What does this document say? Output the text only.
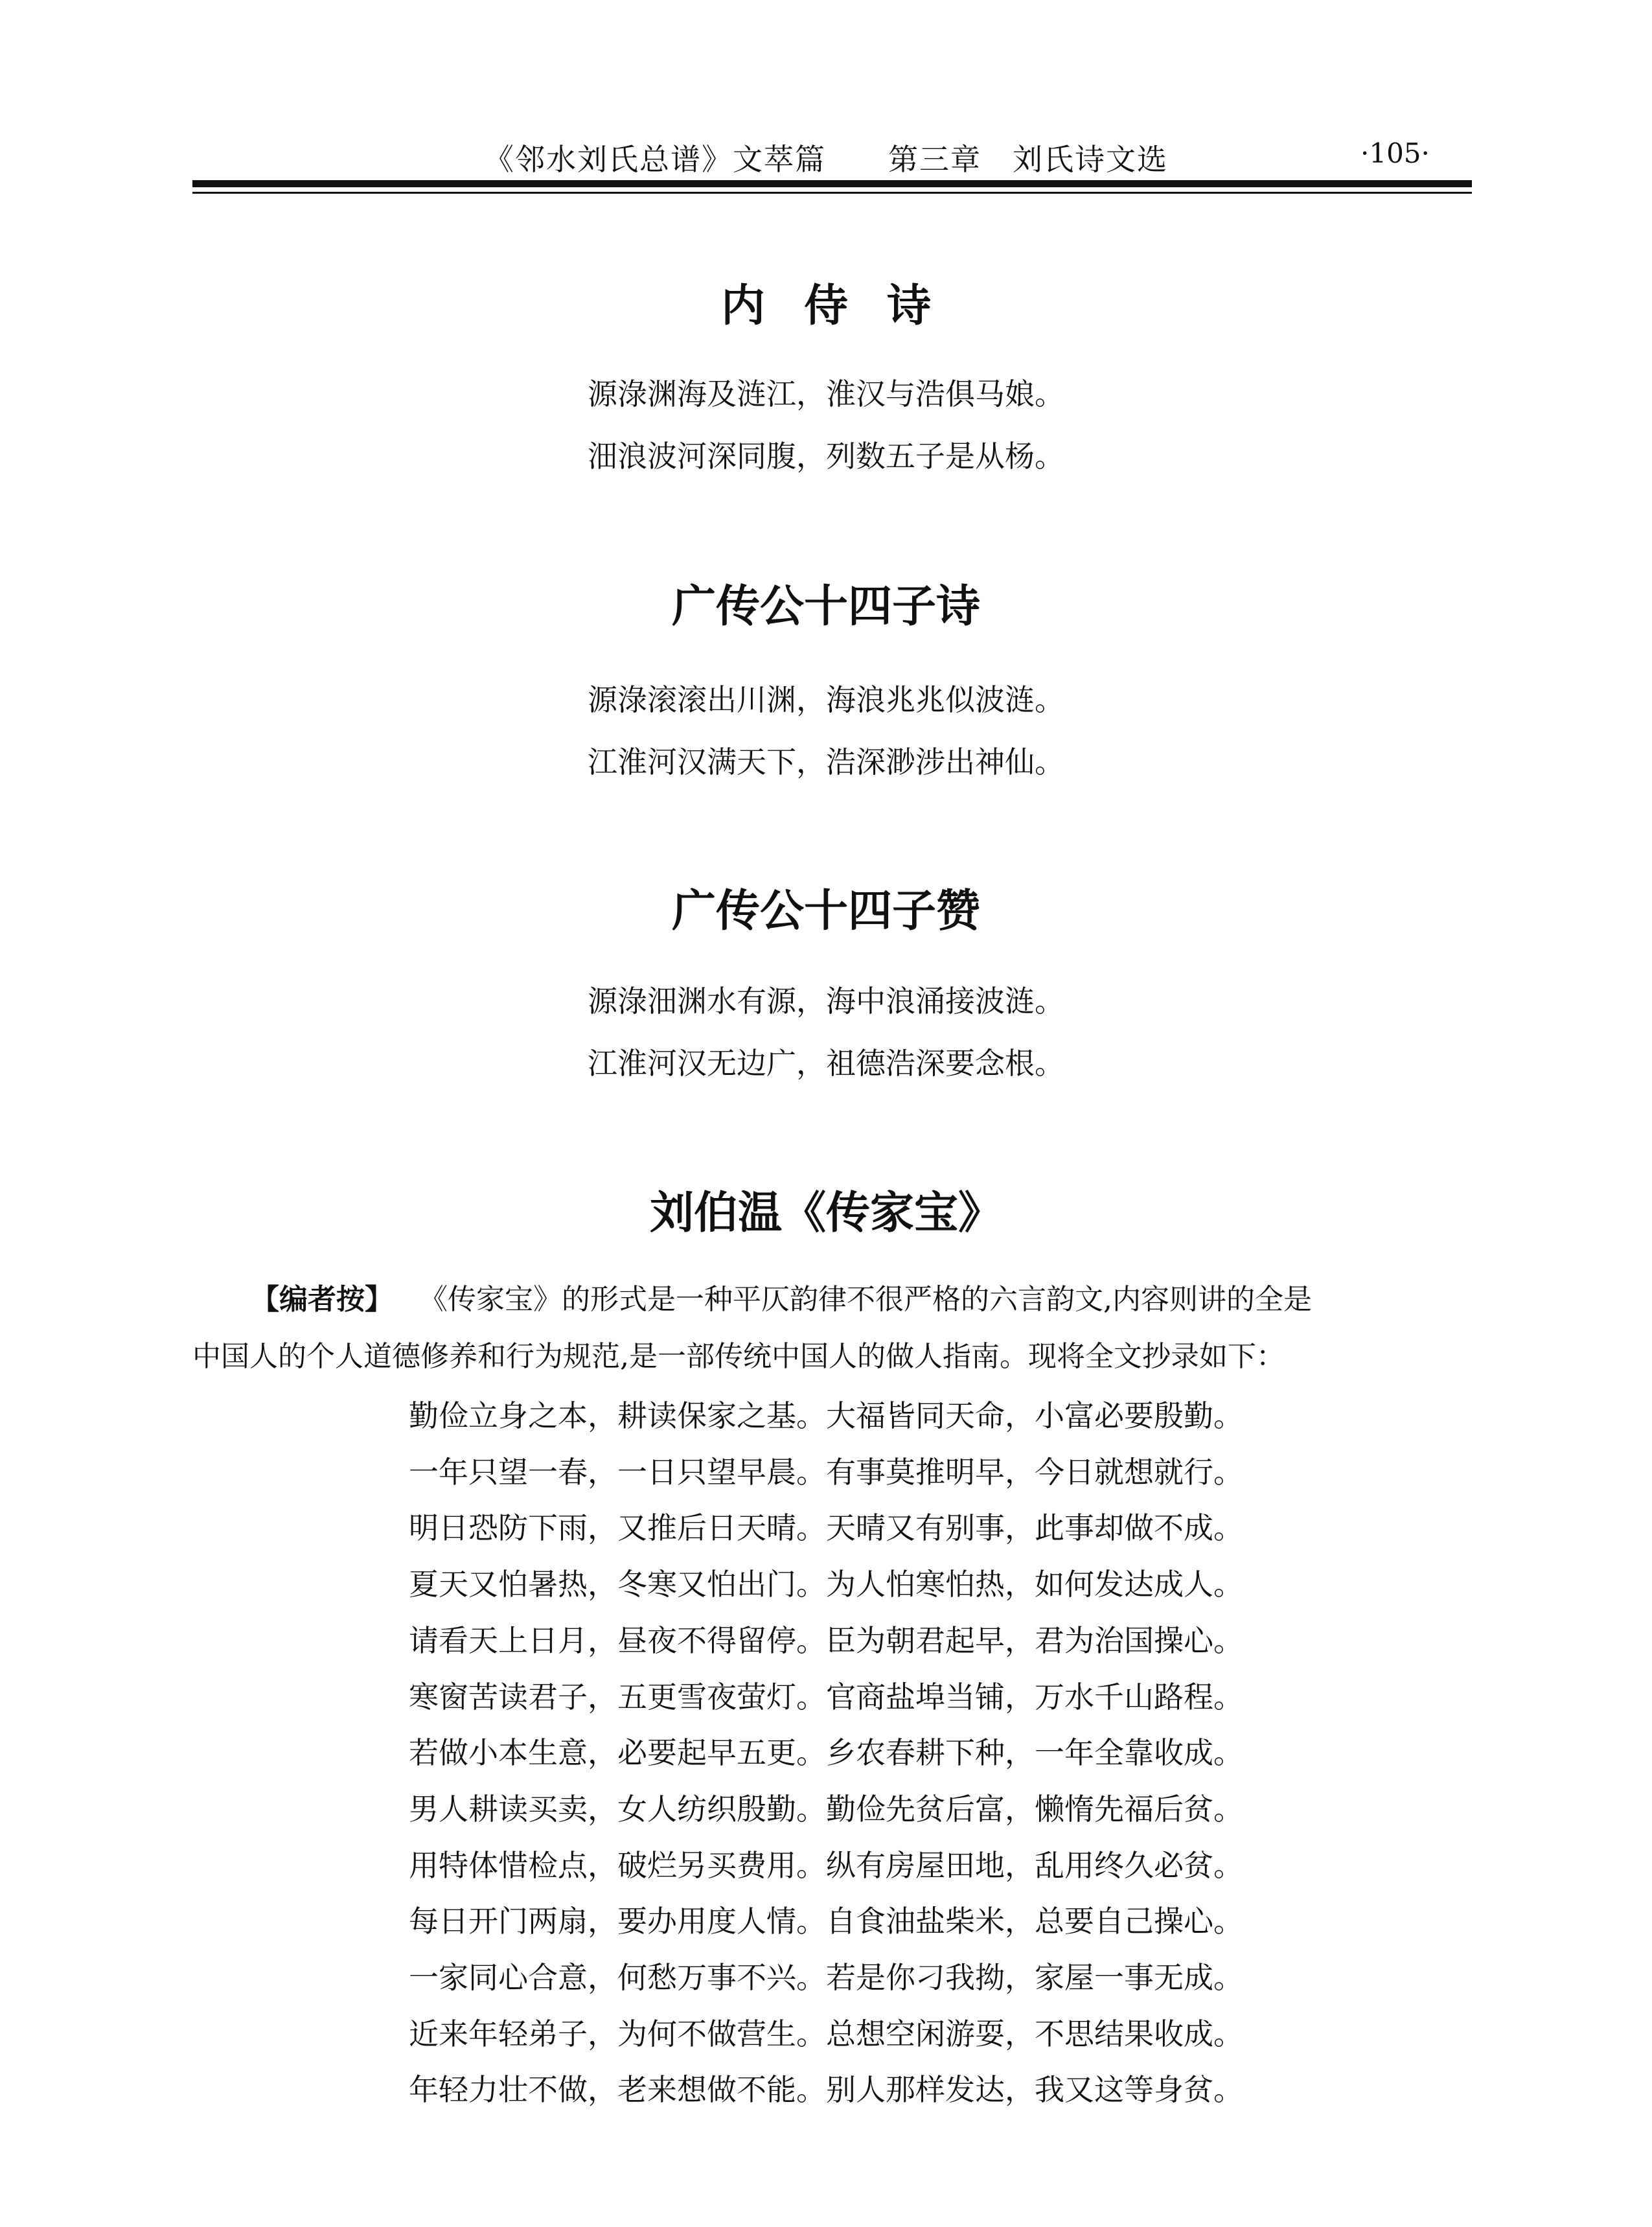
《邻水刘氏总谱》文萃篇　　第三章　刘氏诗文选	·105·
内侍诗
源淥渊海及涟江，淮汉与浩俱马娘。
沺浪波河深同腹，列数五子是从杨。
广传公十四子诗
源淥滚滚出川渊，海浪兆兆似波涟。
江淮河汉满天下，浩深渺涉出神仙。
广传公十四子赞
源淥沺渊水有源，海中浪涌接波涟。
江淮河汉无边广，祖德浩深要念根。
刘伯温《传家宝》
【编者按】 《传家宝》的形式是一种平仄韵律不很严格的六言韵文,内容则讲的全是
中国人的个人道德修养和行为规范,是一部传统中国人的做人指南。现将全文抄录如下：
勤俭立身之本，耕读保家之基。大福皆同天命，小富必要殷勤。
一年只望一春，一日只望早晨。有事莫推明早，今日就想就行。
明日恐防下雨，又推后日天晴。天晴又有别事，此事却做不成。
夏天又怕暑热，冬寒又怕出门。为人怕寒怕热，如何发达成人。
请看天上日月，昼夜不得留停。臣为朝君起早，君为治国操心。
寒窗苦读君子，五更雪夜萤灯。官商盐埠当铺，万水千山路程。
若做小本生意，必要起早五更。乡农春耕下种，一年全靠收成。
男人耕读买卖，女人纺织殷勤。勤俭先贫后富，懒惰先福后贫。
用特体惜检点，破烂另买费用。纵有房屋田地，乱用终久必贫。
每日开门两扇，要办用度人情。自食油盐柴米，总要自己操心。
一家同心合意，何愁万事不兴。若是你刁我拗，家屋一事无成。
近来年轻弟子，为何不做营生。总想空闲游耍，不思结果收成。
年轻力壮不做，老来想做不能。别人那样发达，我又这等身贫。
